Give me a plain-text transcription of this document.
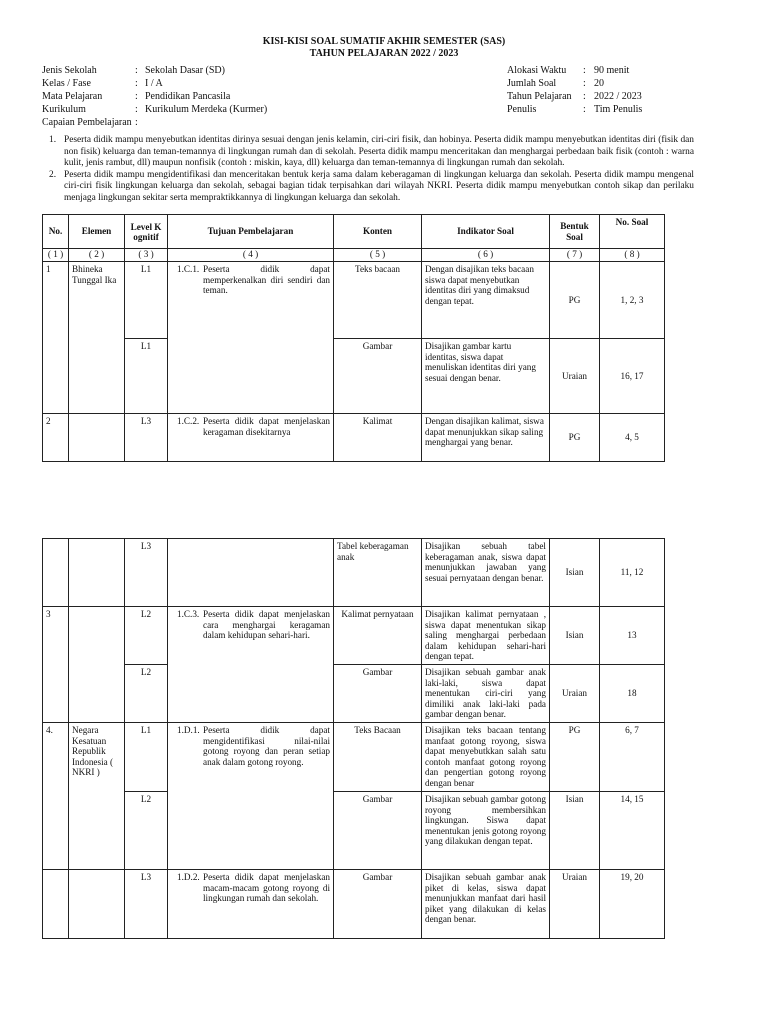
KISI-KISI SOAL SUMATIF AKHIR SEMESTER (SAS)
TAHUN PELAJARAN 2022 / 2023
Jenis Sekolah	: Sekolah Dasar (SD)
Kelas / Fase	: I / A
Mata Pelajaran	: Pendidikan Pancasila
Kurikulum	: Kurikulum Merdeka (Kurmer)
Capaian Pembelajaran :
Alokasi Waktu : 90 menit
Jumlah Soal	: 20
Tahun Pelajaran : 2022 / 2023
Penulis	: Tim Penulis
1. Peserta didik mampu menyebutkan identitas dirinya sesuai dengan jenis kelamin, ciri-ciri fisik, dan hobinya. Peserta didik mampu menyebutkan identitas diri (fisik dan non fisik) keluarga dan teman-temannya di lingkungan rumah dan di sekolah. Peserta didik mampu menceritakan dan menghargai perbedaan baik fisik (contoh : warna kulit, jenis rambut, dll) maupun nonfisik (contoh : miskin, kaya, dll) keluarga dan teman-temannya di lingkungan rumah dan sekolah.
2. Peserta didik mampu mengidentifikasi dan menceritakan bentuk kerja sama dalam keberagaman di lingkungan keluarga dan sekolah. Peserta didik mampu mengenal ciri-ciri fisik lingkungan keluarga dan sekolah, sebagai bagian tidak terpisahkan dari wilayah NKRI. Peserta didik mampu menyebutkan contoh sikap dan perilaku menjaga lingkungan sekitar serta mempraktikkannya di lingkungan keluarga dan sekolah.
No.	Elemen	Level Kognitif	Tujuan Pembelajaran	Konten	Indikator Soal	Bentuk Soal	No. Soal
( 1 )	( 2 )	( 3 )	( 4 )	( 5 )	( 6 )	( 7 )	( 8 )
1	Bhineka Tunggal Ika	L1	1.C.1. Peserta didik dapat memperkenalkan diri sendiri dan teman.	Teks bacaan	Dengan disajikan teks bacaan siswa dapat menyebutkan identitas diri yang dimaksud dengan tepat.	PG	1, 2, 3
		L1		Gambar	Disajikan gambar kartu identitas, siswa dapat menuliskan identitas diri yang sesuai dengan benar.	Uraian	16, 17
2		L3	1.C.2. Peserta didik dapat menjelaskan keragaman disekitarnya	Kalimat	Dengan disajikan kalimat, siswa dapat menunjukkan sikap saling menghargai yang benar.	PG	4, 5
		L3		Tabel keberagaman anak	Disajikan sebuah tabel keberagaman anak, siswa dapat menunjukkan jawaban yang sesuai pernyataan dengan benar.	Isian	11, 12
3		L2	1.C.3. Peserta didik dapat menjelaskan cara menghargai keragaman dalam kehidupan sehari-hari.	Kalimat pernyataan	Disajikan kalimat pernyataan , siswa dapat menentukan sikap saling menghargai perbedaan dalam kehidupan sehari-hari dengan tepat.	Isian	13
		L2		Gambar	Disajikan sebuah gambar anak laki-laki, siswa dapat menentukan ciri-ciri yang dimiliki anak laki-laki pada gambar dengan benar.	Uraian	18
4.	Negara Kesatuan Republik Indonesia ( NKRI )	L1	1.D.1. Peserta didik dapat mengidentifikasi nilai-nilai gotong royong dan peran setiap anak dalam gotong royong.	Teks Bacaan	Disajikan teks bacaan tentang manfaat gotong royong, siswa dapat menyebutkkan salah satu contoh manfaat gotong royong dan pengertian gotong royong dengan benar	PG	6, 7
		L2		Gambar	Disajikan sebuah gambar gotong royong membersihkan lingkungan. Siswa dapat menentukan jenis gotong royong yang dilakukan dengan tepat.	Isian	14, 15
		L3	1.D.2. Peserta didik dapat menjelaskan macam-macam gotong royong di lingkungan rumah dan sekolah.	Gambar	Disajikan sebuah gambar anak piket di kelas, siswa dapat menunjukkan manfaat dari hasil piket yang dilakukan di kelas dengan benar.	Uraian	19, 20
